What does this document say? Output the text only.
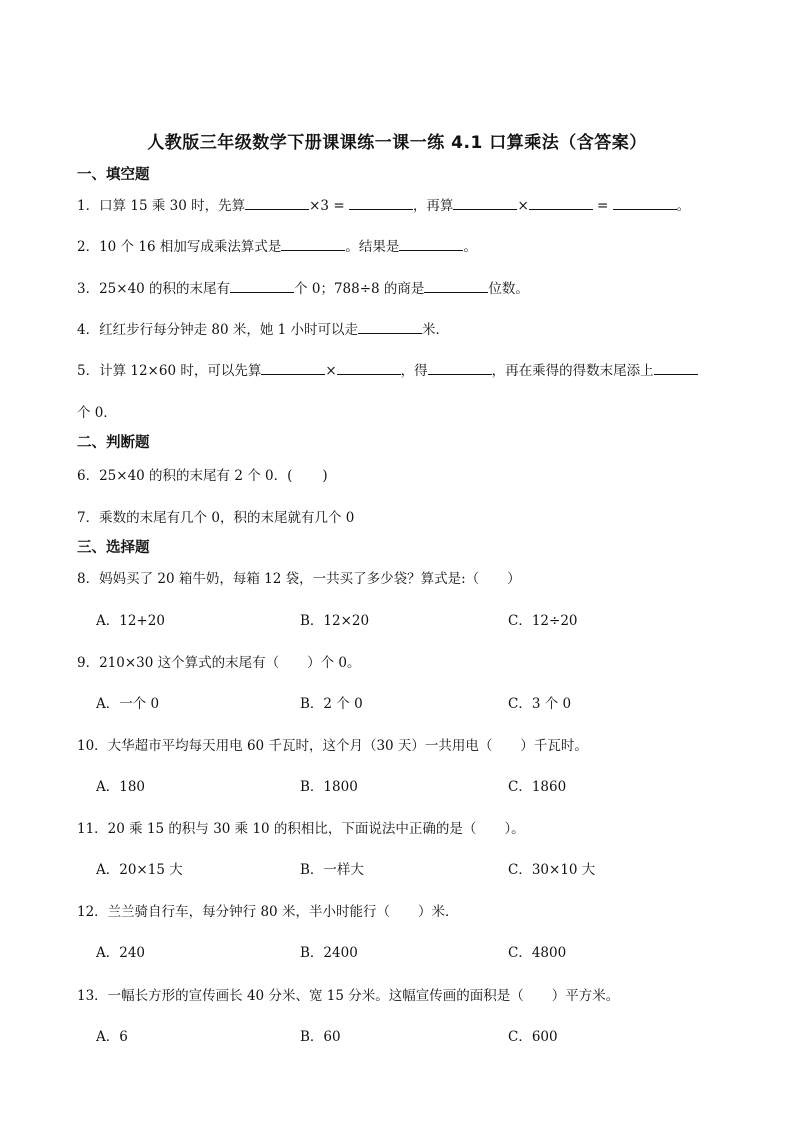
人教版三年级数学下册课课练一课一练 4.1 口算乘法（含答案）
一、填空题
1．口算 15 乘 30 时，先算	×3 =	，再算	×	=	。
2．10 个 16 相加写成乘法算式是	。结果是	。
3．25×40 的积的末尾有	个 0；788÷8 的商是	位数。
4．红红步行每分钟走 80 米，她 1 小时可以走	米．
5．计算 12×60 时，可以先算	×	，得	，再在乘得的得数末尾添上
个 0．
二、判断题
6．25×40 的积的末尾有 2 个 0．( )
7．乘数的末尾有几个 0，积的末尾就有几个 0
三、选择题
8．妈妈买了 20 箱牛奶，每箱 12 袋，一共买了多少袋？算式是:（ ）
A．12+20	B．12×20	C．12÷20
9．210×30 这个算式的末尾有（ ）个 0。
A．一个 0	B．2 个 0	C．3 个 0
10．大华超市平均每天用电 60 千瓦时，这个月（30 天）一共用电（ ）千瓦时。
A．180	B．1800	C．1860
11．20 乘 15 的积与 30 乘 10 的积相比，下面说法中正确的是（ ）。
A．20×15 大	B．一样大	C．30×10 大
12．兰兰骑自行车，每分钟行 80 米，半小时能行（ ）米．
A．240	B．2400	C．4800
13．一幅长方形的宣传画长 40 分米、宽 15 分米。这幅宣传画的面积是（ ）平方米。
A．6	B．60	C．600
